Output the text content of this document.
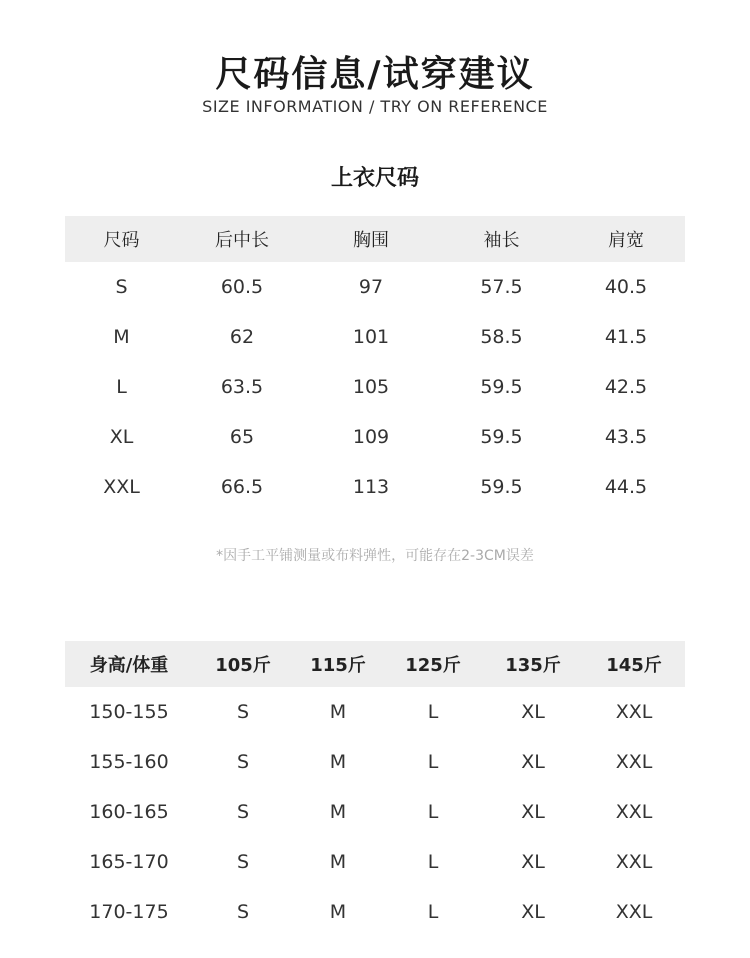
尺码信息/试穿建议
SIZE INFORMATION / TRY ON REFERENCE
上衣尺码
尺码	后中长	胸围	袖长	肩宽
S	60.5	97	57.5	40.5
M	62	101	58.5	41.5
L	63.5	105	59.5	42.5
XL	65	109	59.5	43.5
XXL	66.5	113	59.5	44.5
*因手工平铺测量或布料弹性，可能存在2-3CM误差
身高/体重	105斤	115斤	125斤	135斤	145斤
150-155	S	M	L	XL	XXL
155-160	S	M	L	XL	XXL
160-165	S	M	L	XL	XXL
165-170	S	M	L	XL	XXL
170-175	S	M	L	XL	XXL
